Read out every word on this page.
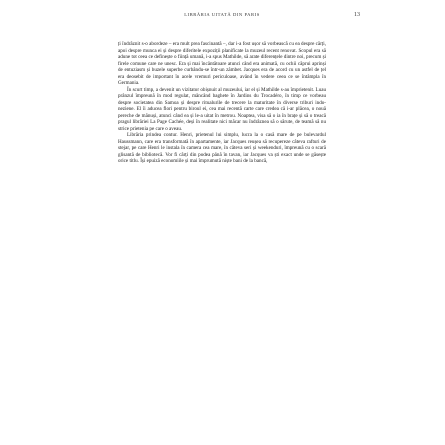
LIBRĂRIA UITATĂ DIN PARIS	13

ți îndrăznit s-o abordeze – era mult prea fascinantă –, dar i-a fost ușor să vorbească cu ea despre cărți, apoi despre munca ei și despre diferitele expoziții planificate la muzeul recent renovat. Scopul era să adune tot ceea ce definește o ființă umană, i-a spus Mathilde, să arate diferențele dintre noi, precum și firele comune care ne unesc. Era și mai încântătoare atunci când era animată, cu ochii căprui aprinși de entuziasm și buzele superbe curbându-se într-un zâmbet. Jacques era de acord cu un astfel de țel era deosebit de important în acele vremuri periculoase, având în vedere ceea ce se întâmpla în Germania.

În scurt timp, a devenit un vizitator obișnuit al muzeului, iar el și Mathilde s-au împrietenit. Luau prânzul împreună în mod regulat, mâncând baghete în Jardins du Trocadéro, în timp ce vorbeau despre societatea din Samoa și despre ritualurile de trecere la maturitate în diverse triburi indo-neziene. El îi aducea flori pentru biroul ei, cea mai recentă carte care credea că i-ar plăcea, o nouă pereche de mănuși, atunci când ea și le-a uitat în metrou. Noaptea, visa să o ia în brațe și să o treacă pragul librăriei La Page Cachée, deși în realitate nici măcar nu îndrăznea să o sărute, de teamă să nu strice prietenia pe care o aveau.

Librăria prindea contur. Henri, prietenul lui simplu, lucra la o casă mare de pe bulevardul Haussmann, care era transformată în apartamente, iar Jacques reușea să recupereze câteva rafturi de stejar, pe care Henri le instala în camera cea mare, în câteva seri și weekenduri, împreună cu o scară glisantă de bibliotecă. Vor fi cărți din podea până în tavan, iar Jacques va ști exact unde se găsește orice titlu. Își epuiză economiile și mai împrumută niște bani de la bancă,
